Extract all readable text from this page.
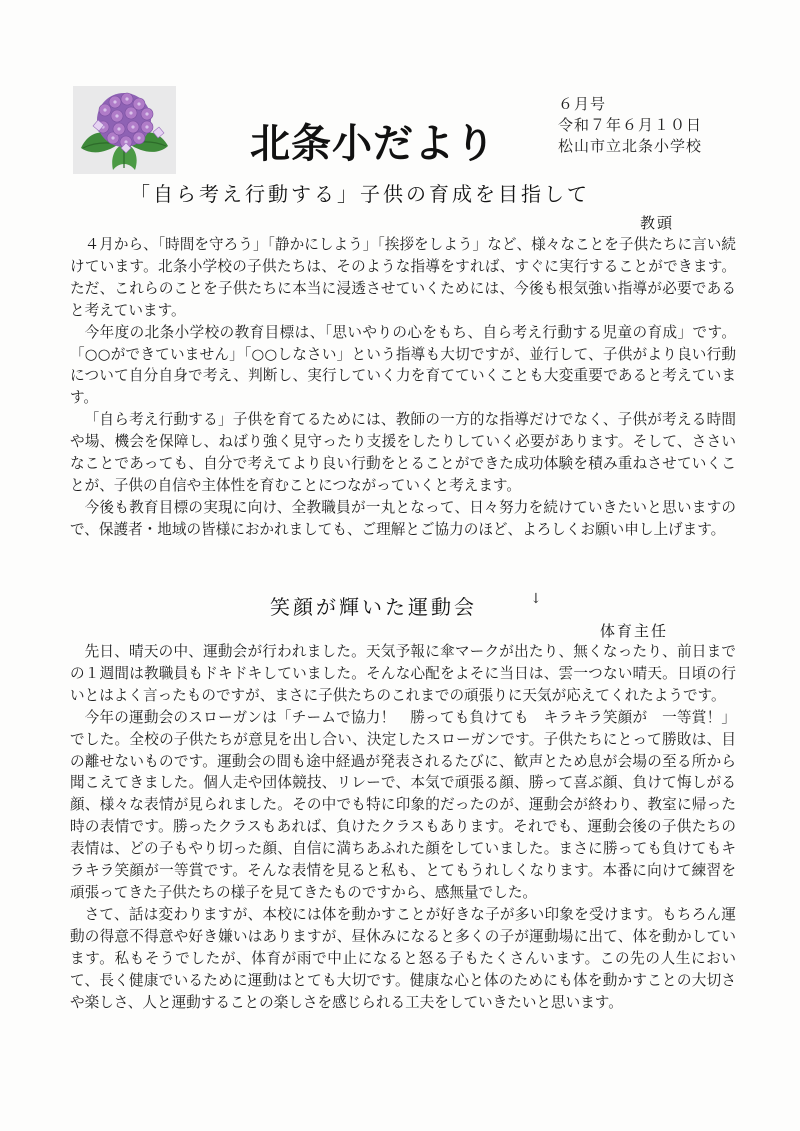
北条小だより
６月号
令和７年６月１０日
松山市立北条小学校
「自ら考え行動する」子供の育成を目指して
教頭

４月から、「時間を守ろう」「静かにしよう」「挨拶をしよう」など、様々なことを子供たちに言い続けています。北条小学校の子供たちは、そのような指導をすれば、すぐに実行することができます。ただ、これらのことを子供たちに本当に浸透させていくためには、今後も根気強い指導が必要であると考えています。

今年度の北条小学校の教育目標は、「思いやりの心をもち、自ら考え行動する児童の育成」です。「○○ができていません」「○○しなさい」という指導も大切ですが、並行して、子供がより良い行動について自分自身で考え、判断し、実行していく力を育てていくことも大変重要であると考えています。

「自ら考え行動する」子供を育てるためには、教師の一方的な指導だけでなく、子供が考える時間や場、機会を保障し、ねばり強く見守ったり支援をしたりしていく必要があります。そして、ささいなことであっても、自分で考えてより良い行動をとることができた成功体験を積み重ねさせていくことが、子供の自信や主体性を育むことにつながっていくと考えます。

今後も教育目標の実現に向け、全教職員が一丸となって、日々努力を続けていきたいと思いますので、保護者・地域の皆様におかれましても、ご理解とご協力のほど、よろしくお願い申し上げます。

笑顔が輝いた運動会	↓
体育主任

先日、晴天の中、運動会が行われました。天気予報に傘マークが出たり、無くなったり、前日までの１週間は教職員もドキドキしていました。そんな心配をよそに当日は、雲一つない晴天。日頃の行いとはよく言ったものですが、まさに子供たちのこれまでの頑張りに天気が応えてくれたようです。

今年の運動会のスローガンは「チームで協力！　勝っても負けても　キラキラ笑顔が　一等賞！」でした。全校の子供たちが意見を出し合い、決定したスローガンです。子供たちにとって勝敗は、目の離せないものです。運動会の間も途中経過が発表されるたびに、歓声とため息が会場の至る所から聞こえてきました。個人走や団体競技、リレーで、本気で頑張る顔、勝って喜ぶ顔、負けて悔しがる顔、様々な表情が見られました。その中でも特に印象的だったのが、運動会が終わり、教室に帰った時の表情です。勝ったクラスもあれば、負けたクラスもあります。それでも、運動会後の子供たちの表情は、どの子もやり切った顔、自信に満ちあふれた顔をしていました。まさに勝っても負けてもキラキラ笑顔が一等賞です。そんな表情を見ると私も、とてもうれしくなります。本番に向けて練習を頑張ってきた子供たちの様子を見てきたものですから、感無量でした。

さて、話は変わりますが、本校には体を動かすことが好きな子が多い印象を受けます。もちろん運動の得意不得意や好き嫌いはありますが、昼休みになると多くの子が運動場に出て、体を動かしています。私もそうでしたが、体育が雨で中止になると怒る子もたくさんいます。この先の人生において、長く健康でいるために運動はとても大切です。健康な心と体のためにも体を動かすことの大切さや楽しさ、人と運動することの楽しさを感じられる工夫をしていきたいと思います。
